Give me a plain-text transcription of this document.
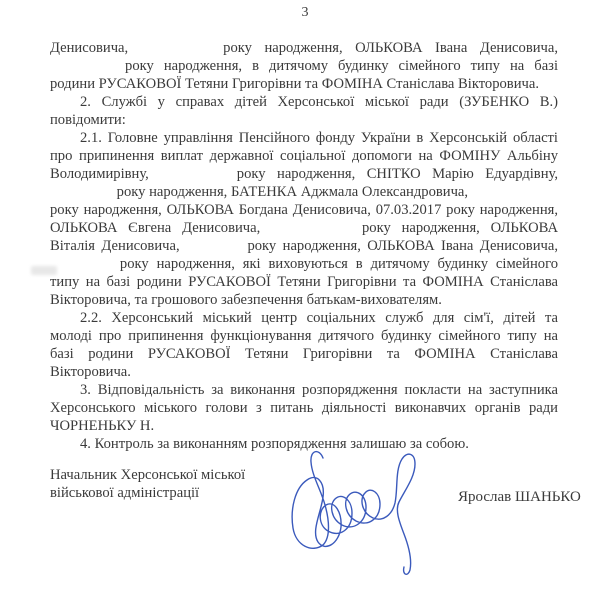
3
Денисовича,	року народження, ОЛЬКОВА Івана Денисовича,
року народження, в дитячому будинку сімейного типу на базі
родини РУСАКОВОЇ Тетяни Григорівни та ФОМІНА Станіслава Вікторовича.
2. Службі у справах дітей Херсонської міської ради (ЗУБЕНКО В.)
повідомити:
2.1. Головне управління Пенсійного фонду України в Херсонській області
про припинення виплат державної соціальної допомоги на ФОМІНУ Альбіну
Володимирівну,	року народження, СНІТКО Марію Едуардівну,
року народження, БАТЕНКА Аджмала Олександровича,
року народження, ОЛЬКОВА Богдана Денисовича, 07.03.2017 року народження,
ОЛЬКОВА Євгена Денисовича,	року народження, ОЛЬКОВА
Віталія Денисовича,	року народження, ОЛЬКОВА Івана Денисовича,
року народження, які виховуються в дитячому будинку сімейного
типу на базі родини РУСАКОВОЇ Тетяни Григорівни та ФОМІНА Станіслава
Вікторовича, та грошового забезпечення батькам-вихователям.
2.2. Херсонський міський центр соціальних служб для сім'ї, дітей та
молоді про припинення функціонування дитячого будинку сімейного типу на
базі родини РУСАКОВОЇ Тетяни Григорівни та ФОМІНА Станіслава
Вікторовича.
3. Відповідальність за виконання розпорядження покласти на заступника
Херсонського міського голови з питань діяльності виконавчих органів ради
ЧОРНЕНЬКУ Н.
4. Контроль за виконанням розпорядження залишаю за собою.
Начальник Херсонської міської
військової адміністрації	Ярослав ШАНЬКО
